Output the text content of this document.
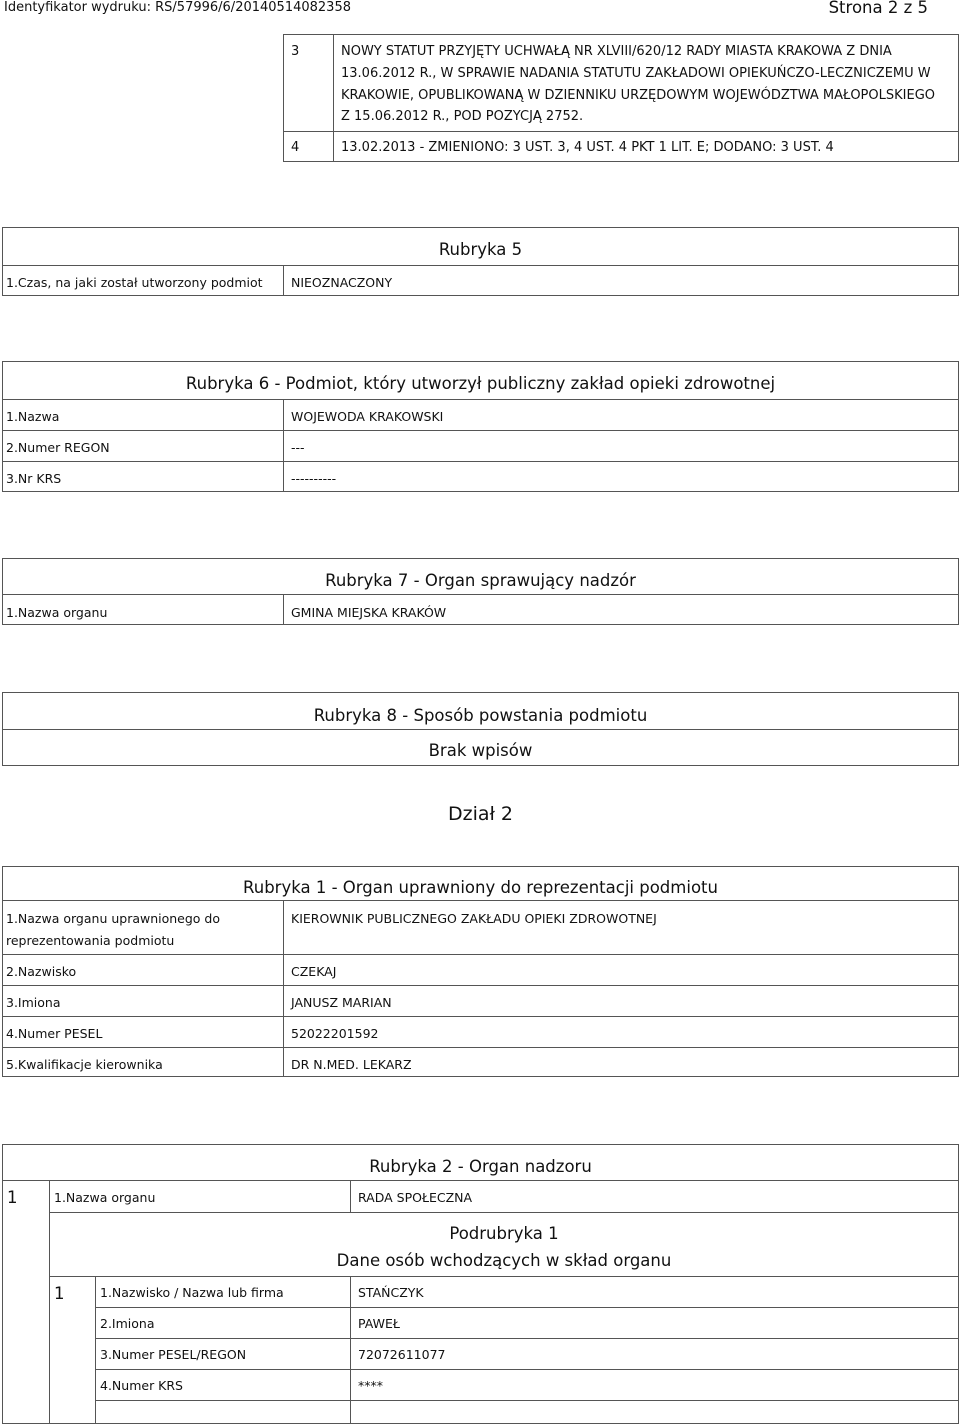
Identyfikator wydruku: RS/57996/6/20140514082358	Strona 2 z 5
3	NOWY STATUT PRZYJĘTY UCHWAŁĄ NR XLVIII/620/12 RADY MIASTA KRAKOWA Z DNIA
13.06.2012 R., W SPRAWIE NADANIA STATUTU ZAKŁADOWI OPIEKUŃCZO-LECZNICZEMU W
KRAKOWIE, OPUBLIKOWANĄ W DZIENNIKU URZĘDOWYM WOJEWÓDZTWA MAŁOPOLSKIEGO
Z 15.06.2012 R., POD POZYCJĄ 2752.
4	13.02.2013 - ZMIENIONO: 3 UST. 3, 4 UST. 4 PKT 1 LIT. E; DODANO: 3 UST. 4
Rubryka 5
1.Czas, na jaki został utworzony podmiot NIEOZNACZONY
Rubryka 6 - Podmiot, który utworzył publiczny zakład opieki zdrowotnej
1.Nazwa	WOJEWODA KRAKOWSKI
2.Numer REGON	---
3.Nr KRS	----------
Rubryka 7 - Organ sprawujący nadzór
1.Nazwa organu	GMINA MIEJSKA KRAKÓW
Rubryka 8 - Sposób powstania podmiotu
Brak wpisów
Dział 2
Rubryka 1 - Organ uprawniony do reprezentacji podmiotu
1.Nazwa organu uprawnionego do
reprezentowania podmiotu
KIEROWNIK PUBLICZNEGO ZAKŁADU OPIEKI ZDROWOTNEJ
2.Nazwisko	CZEKAJ
3.Imiona	JANUSZ MARIAN
4.Numer PESEL	52022201592
5.Kwalifikacje kierownika	DR N.MED. LEKARZ
Rubryka 2 - Organ nadzoru
1	1.Nazwa organu	RADA SPOŁECZNA
Podrubryka 1
Dane osób wchodzących w skład organu
1	1.Nazwisko / Nazwa lub firma	STAŃCZYK
2.Imiona	PAWEŁ
3.Numer PESEL/REGON	72072611077
4.Numer KRS	****
